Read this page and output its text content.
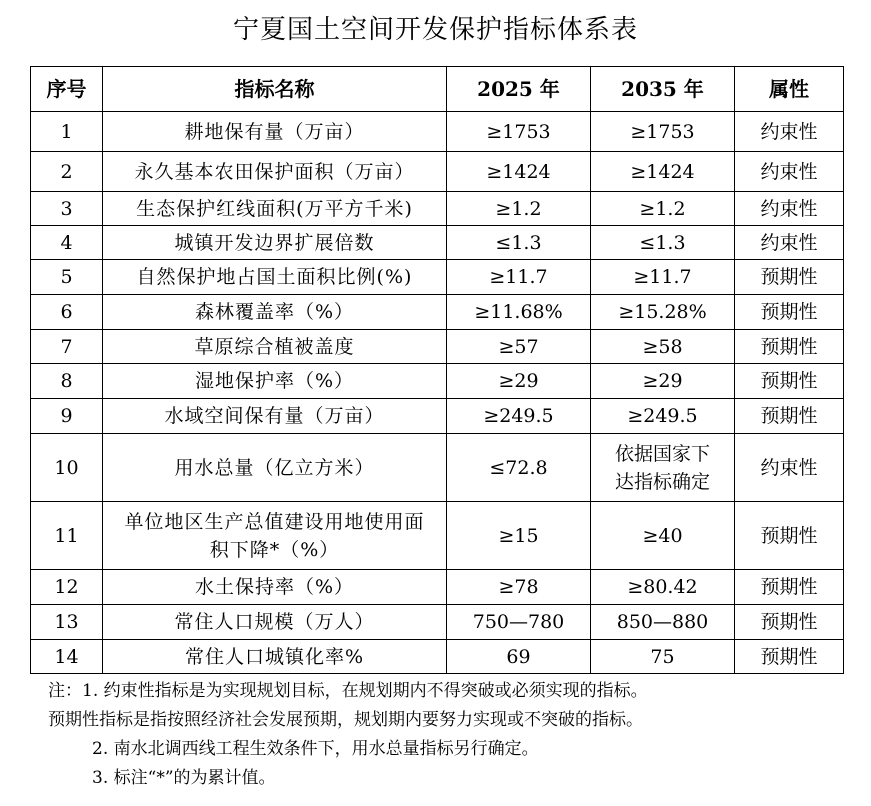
宁夏国土空间开发保护指标体系表
序号	指标名称	2025 年	2035 年	属性
1	耕地保有量（万亩）	≥1753	≥1753	约束性
2	永久基本农田保护面积（万亩）	≥1424	≥1424	约束性
3	生态保护红线面积(万平方千米)	≥1.2	≥1.2	约束性
4	城镇开发边界扩展倍数	≤1.3	≤1.3	约束性
5	自然保护地占国土面积比例(%)	≥11.7	≥11.7	预期性
6	森林覆盖率（%）	≥11.68%	≥15.28%	预期性
7	草原综合植被盖度	≥57	≥58	预期性
8	湿地保护率（%）	≥29	≥29	预期性
9	水域空间保有量（万亩）	≥249.5	≥249.5	预期性
10	用水总量（亿立方米）	≤72.8	依据国家下达指标确定	约束性
11	单位地区生产总值建设用地使用面积下降*（%）	≥15	≥40	预期性
12	水土保持率（%）	≥78	≥80.42	预期性
13	常住人口规模（万人）	750—780	850—880	预期性
14	常住人口城镇化率%	69	75	预期性

注：1. 约束性指标是为实现规划目标，在规划期内不得突破或必须实现的指标。

预期性指标是指按照经济社会发展预期，规划期内要努力实现或不突破的指标。

2. 南水北调西线工程生效条件下，用水总量指标另行确定。

3. 标注“*”的为累计值。
